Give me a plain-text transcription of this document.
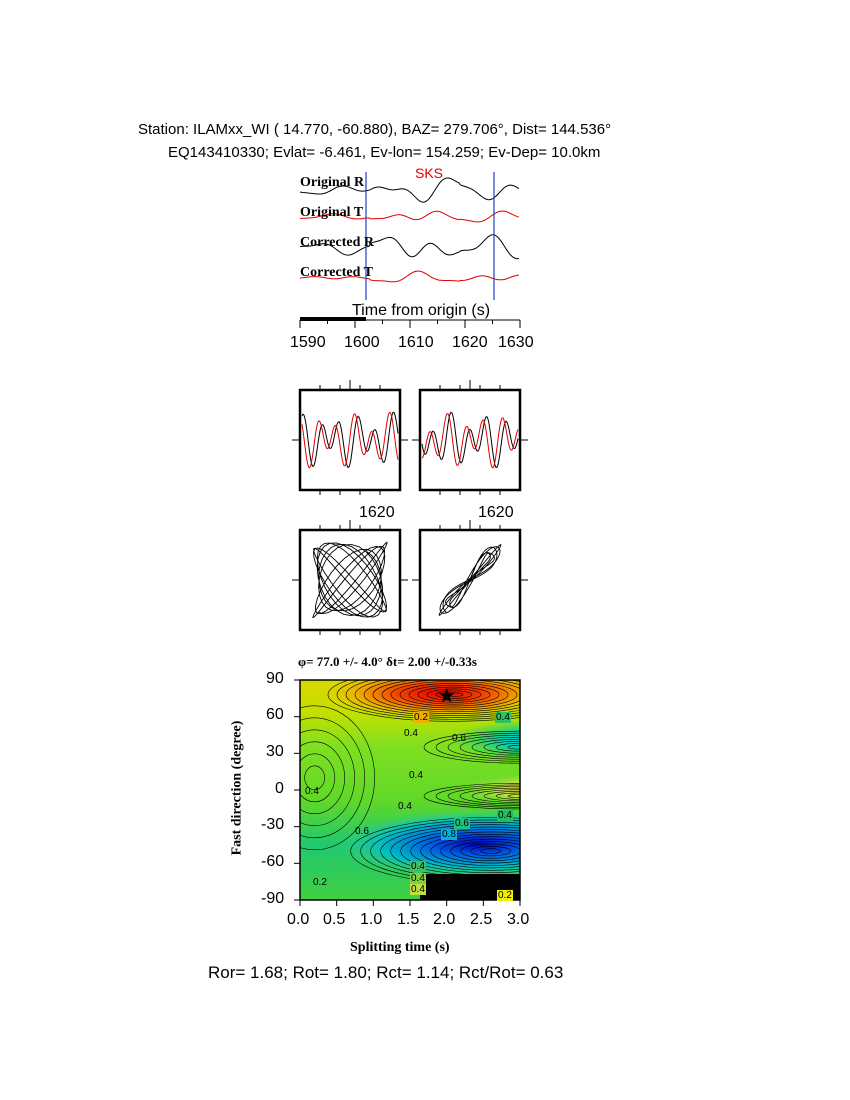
Station: ILAMxx_WI ( 14.770, -60.880), BAZ= 279.706°, Dist= 144.536°
EQ143410330; Evlat= -6.461, Ev-lon= 154.259; Ev-Dep= 10.0km
SKS
Original R
Original T
Corrected R
Corrected T
Time from origin (s)
1590 1600 1610 1620 1630
1620	1620
φ= 77.0 +/- 4.0° δt= 2.00 +/-0.33s
0.2	0.4
0.4	0.6
0.4
0.4
0.4
0.6
0.4
0.8
0.6
0.4
0.4
0.4
0.2
0.2
90
60
30
0
-30
-60
-90
0.0 0.5 1.0 1.5 2.0 2.5 3.0
Splitting time (s)
Fast direction (degree)
Ror= 1.68; Rot= 1.80; Rct= 1.14; Rct/Rot= 0.63
